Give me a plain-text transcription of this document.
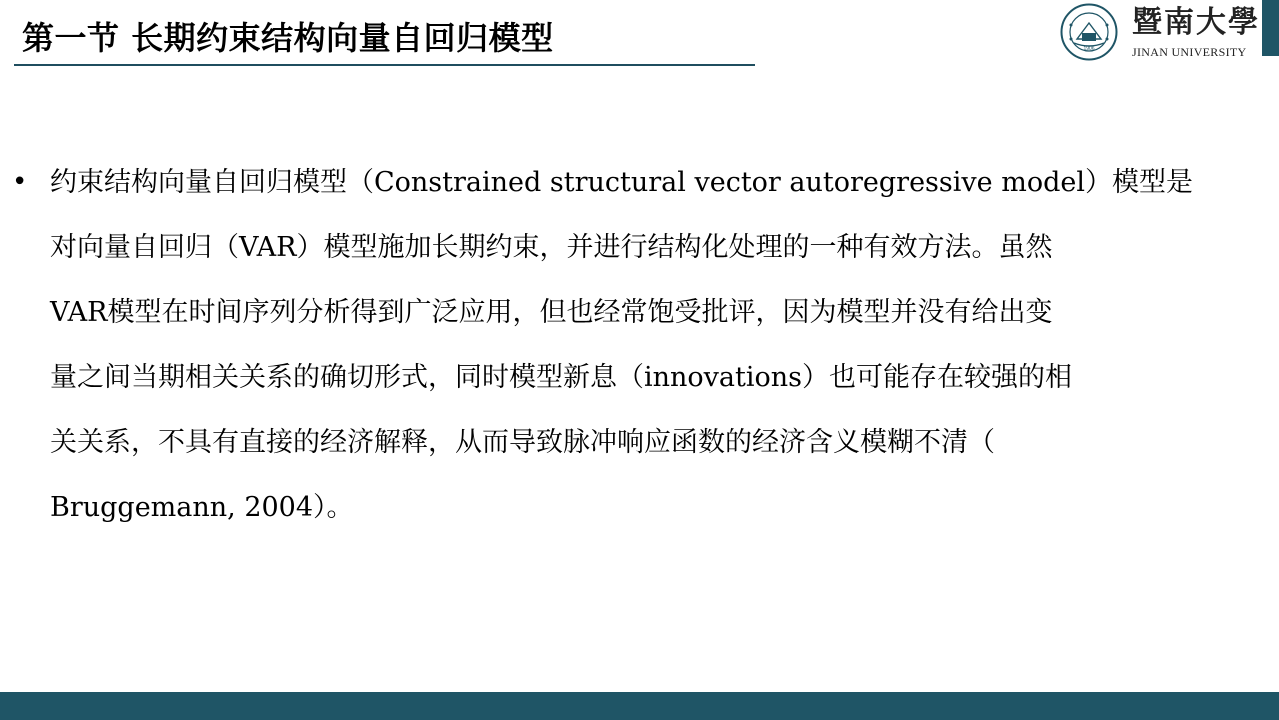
第一节 长期约束结构向量自回归模型	1906
暨南大學
JINAN UNIVERSITY
• 约束结构向量自回归模型（Constrained structural vector autoregressive model）模型是
对向量自回归（VAR）模型施加长期约束，并进行结构化处理的一种有效方法。虽然
VAR模型在时间序列分析得到广泛应用，但也经常饱受批评，因为模型并没有给出变
量之间当期相关关系的确切形式，同时模型新息（innovations）也可能存在较强的相
关关系，不具有直接的经济解释，从而导致脉冲响应函数的经济含义模糊不清（
Bruggemann, 2004）。
